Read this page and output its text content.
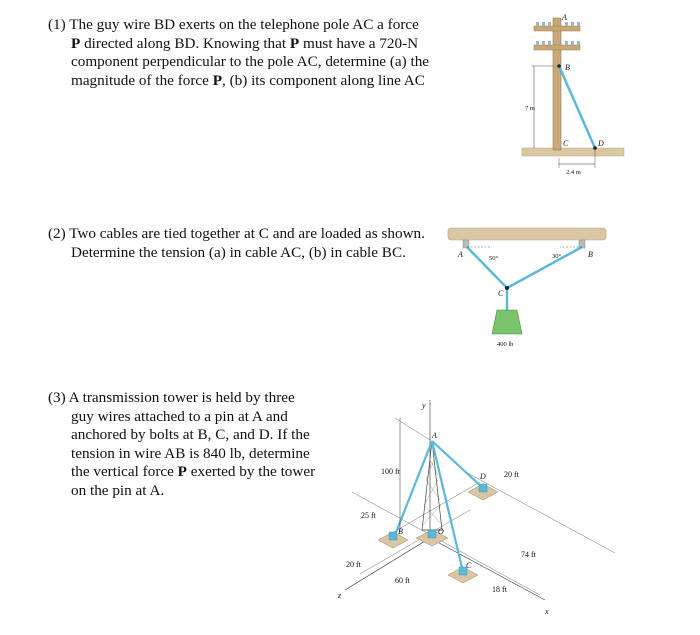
(1) The guy wire BD exerts on the telephone pole AC a force

P directed along BD. Knowing that P must have a 720-N

component perpendicular to the pole AC, determine (a) the

magnitude of the force P, (b) its component along line AC

(2) Two cables are tied together at C and are loaded as shown.

Determine the tension (a) in cable AC, (b) in cable BC.

(3) A transmission tower is held by three

guy wires attached to a pin at A and

anchored by bolts at B, C, and D. If the

tension in wire AB is 840 lb, determine

the vertical force P exerted by the tower

on the pin at A.

A
B
C	D
7 m
2.4 m
A	B
C
50°	30°
400 lb
y
x
z
A
B
C
D
O
100 ft	20 ft
25 ft
20 ft
60 ft
74 ft
18 ft
